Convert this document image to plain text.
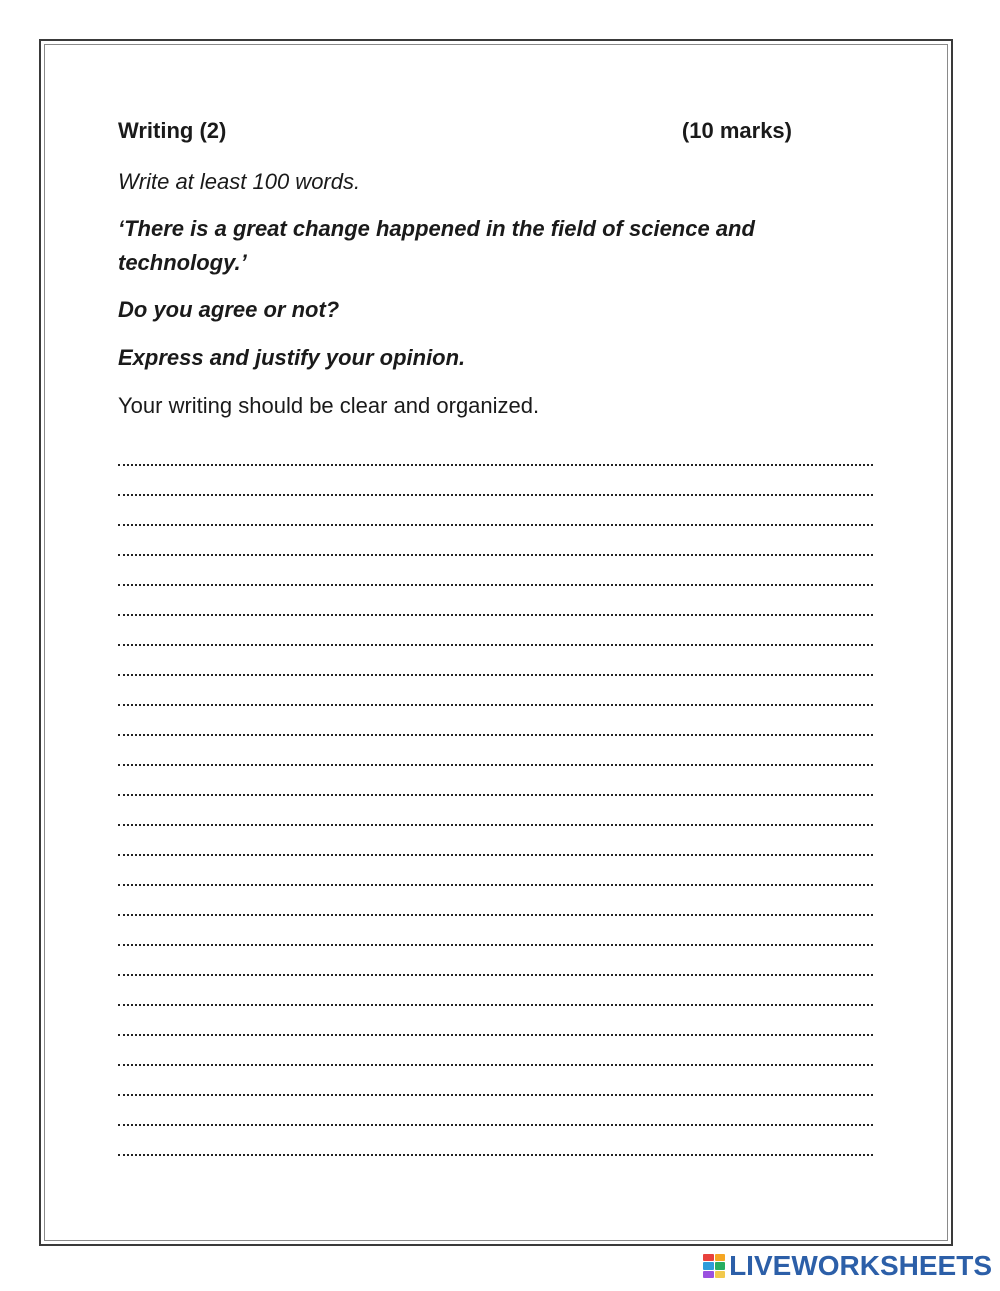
Writing (2)	(10 marks)
Write at least 100 words.
‘There is a great change happened in the field of science and
technology.’
Do you agree or not?
Express and justify your opinion.
Your writing should be clear and organized.
LIVEWORKSHEETS
